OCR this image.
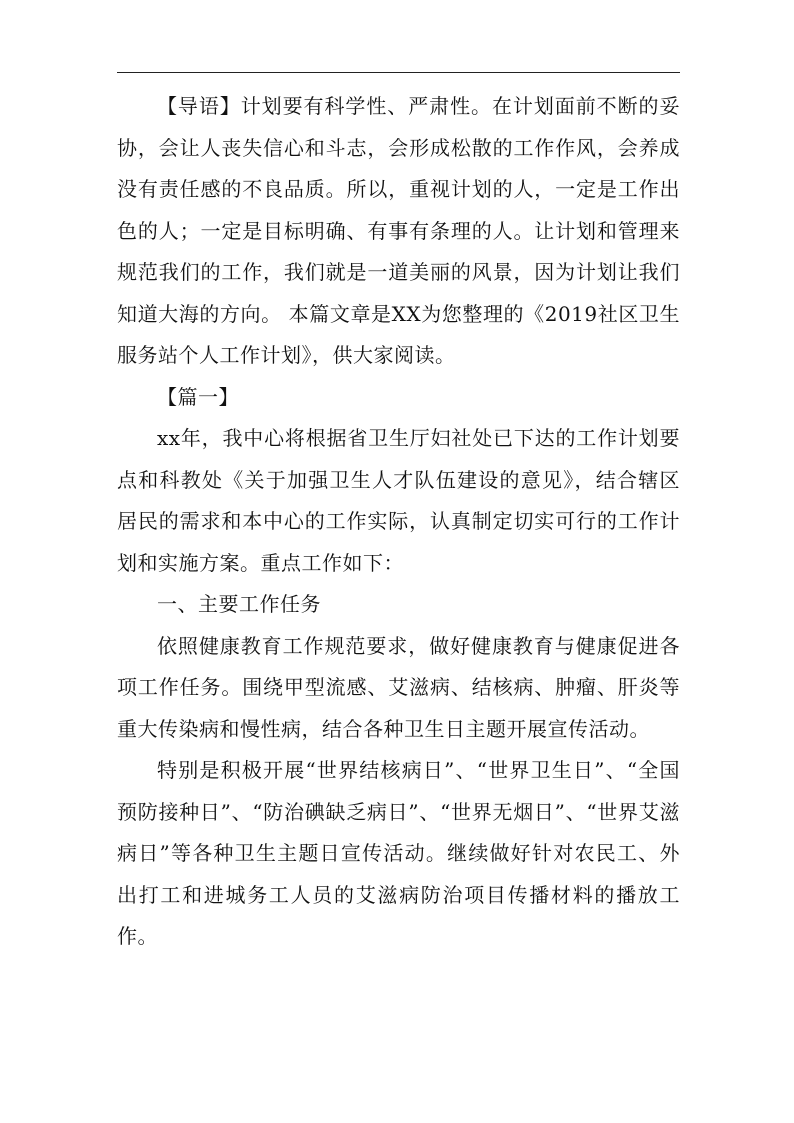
【导语】计划要有科学性、严肃性。在计划面前不断的妥协，会让人丧失信心和斗志，会形成松散的工作作风，会养成没有责任感的不良品质。所以，重视计划的人，一定是工作出色的人；一定是目标明确、有事有条理的人。让计划和管理来规范我们的工作，我们就是一道美丽的风景，因为计划让我们知道大海的方向。 本篇文章是XX为您整理的《2019社区卫生服务站个人工作计划》，供大家阅读。

【篇一】

xx年，我中心将根据省卫生厅妇社处已下达的工作计划要点和科教处《关于加强卫生人才队伍建设的意见》，结合辖区居民的需求和本中心的工作实际，认真制定切实可行的工作计划和实施方案。重点工作如下：

一、主要工作任务

依照健康教育工作规范要求，做好健康教育与健康促进各项工作任务。围绕甲型流感、艾滋病、结核病、肿瘤、肝炎等重大传染病和慢性病，结合各种卫生日主题开展宣传活动。

特别是积极开展“世界结核病日”、“世界卫生日”、“全国预防接种日”、“防治碘缺乏病日”、“世界无烟日”、“世界艾滋病日”等各种卫生主题日宣传活动。继续做好针对农民工、外出打工和进城务工人员的艾滋病防治项目传播材料的播放工作。
